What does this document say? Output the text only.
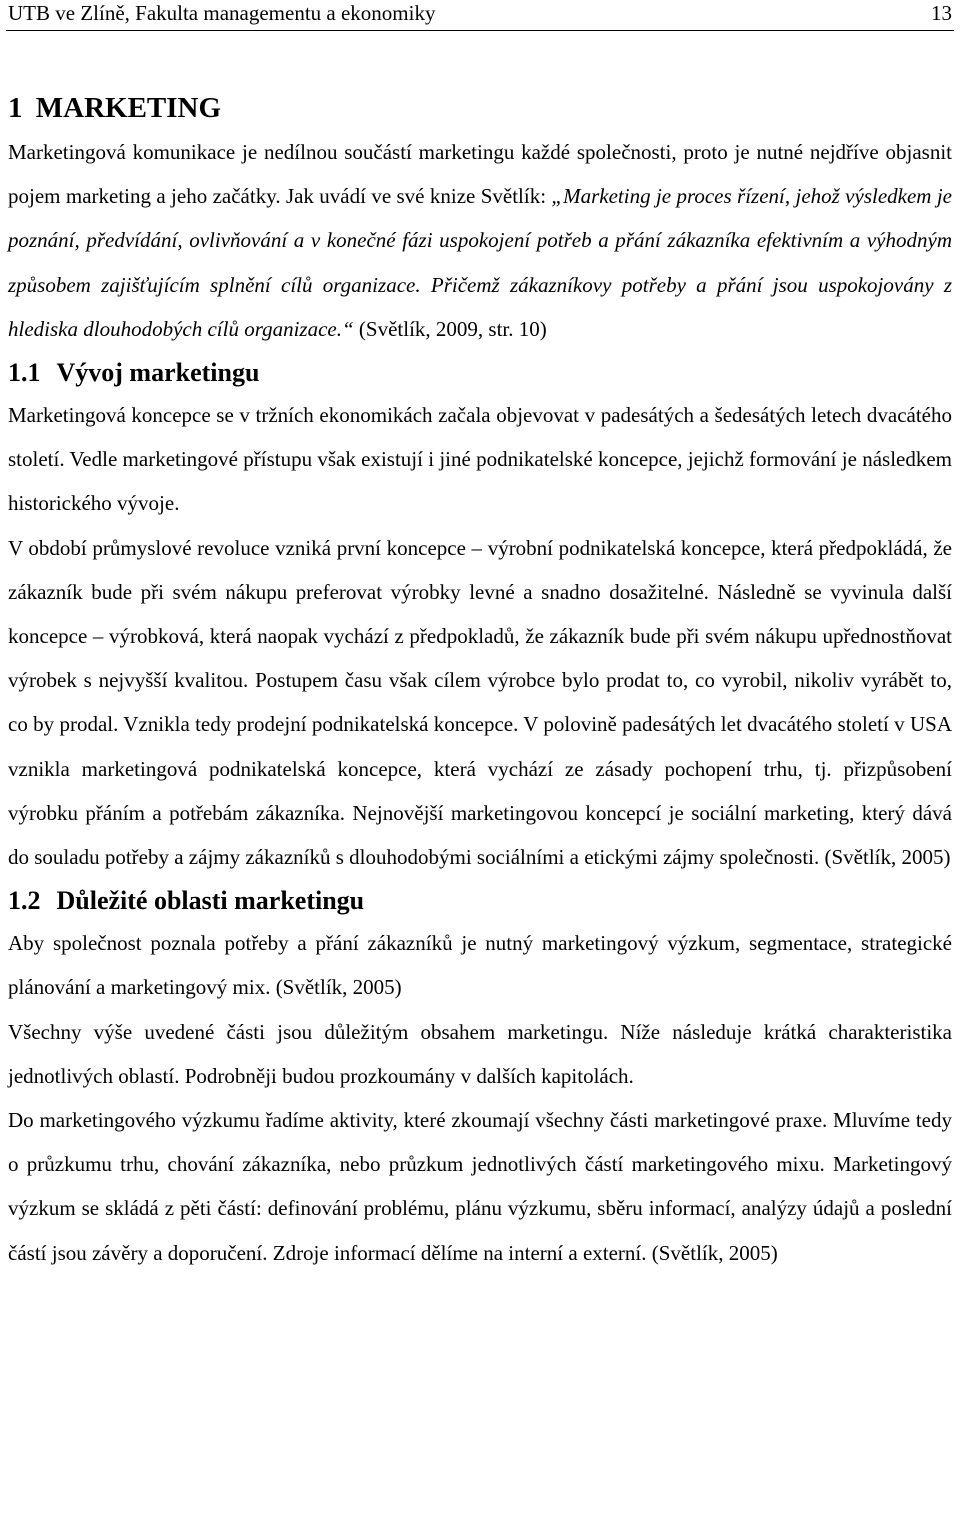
UTB ve Zlíně, Fakulta managementu a ekonomiky	13
1 MARKETING

Marketingová komunikace je nedílnou součástí marketingu každé společnosti, proto je nutné nejdříve objasnit pojem marketing a jeho začátky. Jak uvádí ve své knize Světlík: „Marketing je proces řízení, jehož výsledkem je poznání, předvídání, ovlivňování a v konečné fázi uspokojení potřeb a přání zákazníka efektivním a výhodným způsobem zajišťujícím splnění cílů organizace. Přičemž zákazníkovy potřeby a přání jsou uspokojovány z hlediska dlouhodobých cílů organizace.“ (Světlík, 2009, str. 10)

1.1 Vývoj marketingu

Marketingová koncepce se v tržních ekonomikách začala objevovat v padesátých a šedesátých letech dvacátého století. Vedle marketingové přístupu však existují i jiné podnikatelské koncepce, jejichž formování je následkem historického vývoje.

V období průmyslové revoluce vzniká první koncepce – výrobní podnikatelská koncepce, která předpokládá, že zákazník bude při svém nákupu preferovat výrobky levné a snadno dosažitelné. Následně se vyvinula další koncepce – výrobková, která naopak vychází z předpokladů, že zákazník bude při svém nákupu upřednostňovat výrobek s nejvyšší kvalitou. Postupem času však cílem výrobce bylo prodat to, co vyrobil, nikoliv vyrábět to, co by prodal. Vznikla tedy prodejní podnikatelská koncepce. V polovině padesátých let dvacátého století v USA vznikla marketingová podnikatelská koncepce, která vychází ze zásady pochopení trhu, tj. přizpůsobení výrobku přáním a potřebám zákazníka. Nejnovější marketingovou koncepcí je sociální marketing, který dává do souladu potřeby a zájmy zákazníků s dlouhodobými sociálními a etickými zájmy společnosti. (Světlík, 2005)

1.2 Důležité oblasti marketingu

Aby společnost poznala potřeby a přání zákazníků je nutný marketingový výzkum, segmentace, strategické plánování a marketingový mix. (Světlík, 2005)

Všechny výše uvedené části jsou důležitým obsahem marketingu. Níže následuje krátká charakteristika jednotlivých oblastí. Podrobněji budou prozkoumány v dalších kapitolách.

Do marketingového výzkumu řadíme aktivity, které zkoumají všechny části marketingové praxe. Mluvíme tedy o průzkumu trhu, chování zákazníka, nebo průzkum jednotlivých částí marketingového mixu. Marketingový výzkum se skládá z pěti částí: definování problému, plánu výzkumu, sběru informací, analýzy údajů a poslední částí jsou závěry a doporučení. Zdroje informací dělíme na interní a externí. (Světlík, 2005)
